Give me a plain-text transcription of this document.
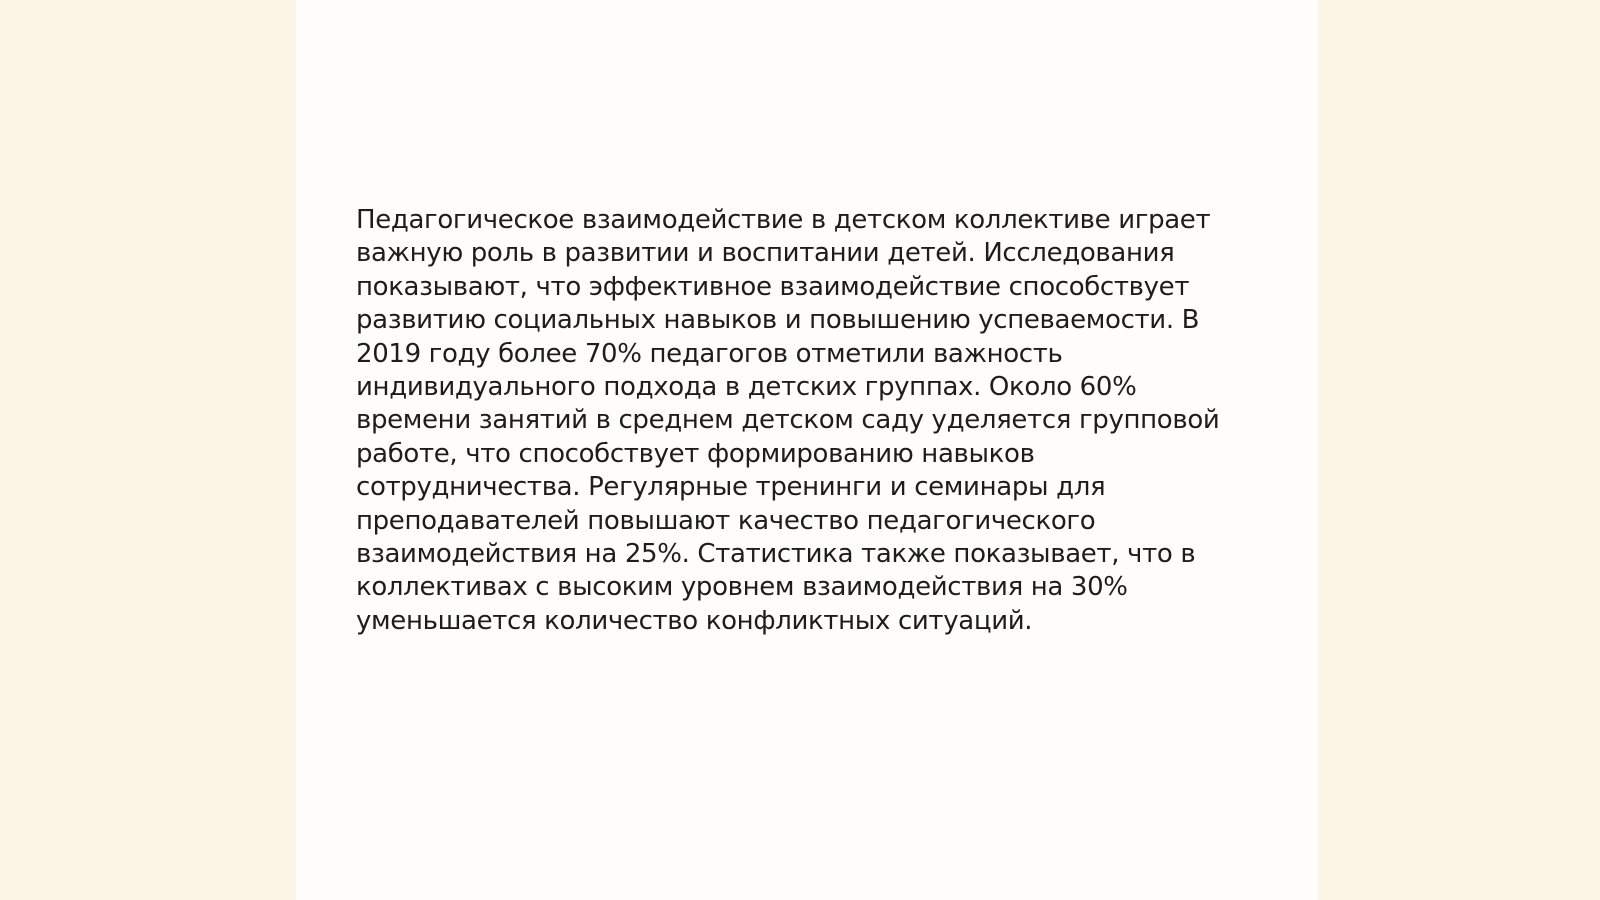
Педагогическое взаимодействие в детском коллективе играет
важную роль в развитии и воспитании детей. Исследования
показывают, что эффективное взаимодействие способствует
развитию социальных навыков и повышению успеваемости. В
2019 году более 70% педагогов отметили важность
индивидуального подхода в детских группах. Около 60%
времени занятий в среднем детском саду уделяется групповой
работе, что способствует формированию навыков
сотрудничества. Регулярные тренинги и семинары для
преподавателей повышают качество педагогического
взаимодействия на 25%. Статистика также показывает, что в
коллективах с высоким уровнем взаимодействия на 30%
уменьшается количество конфликтных ситуаций.
